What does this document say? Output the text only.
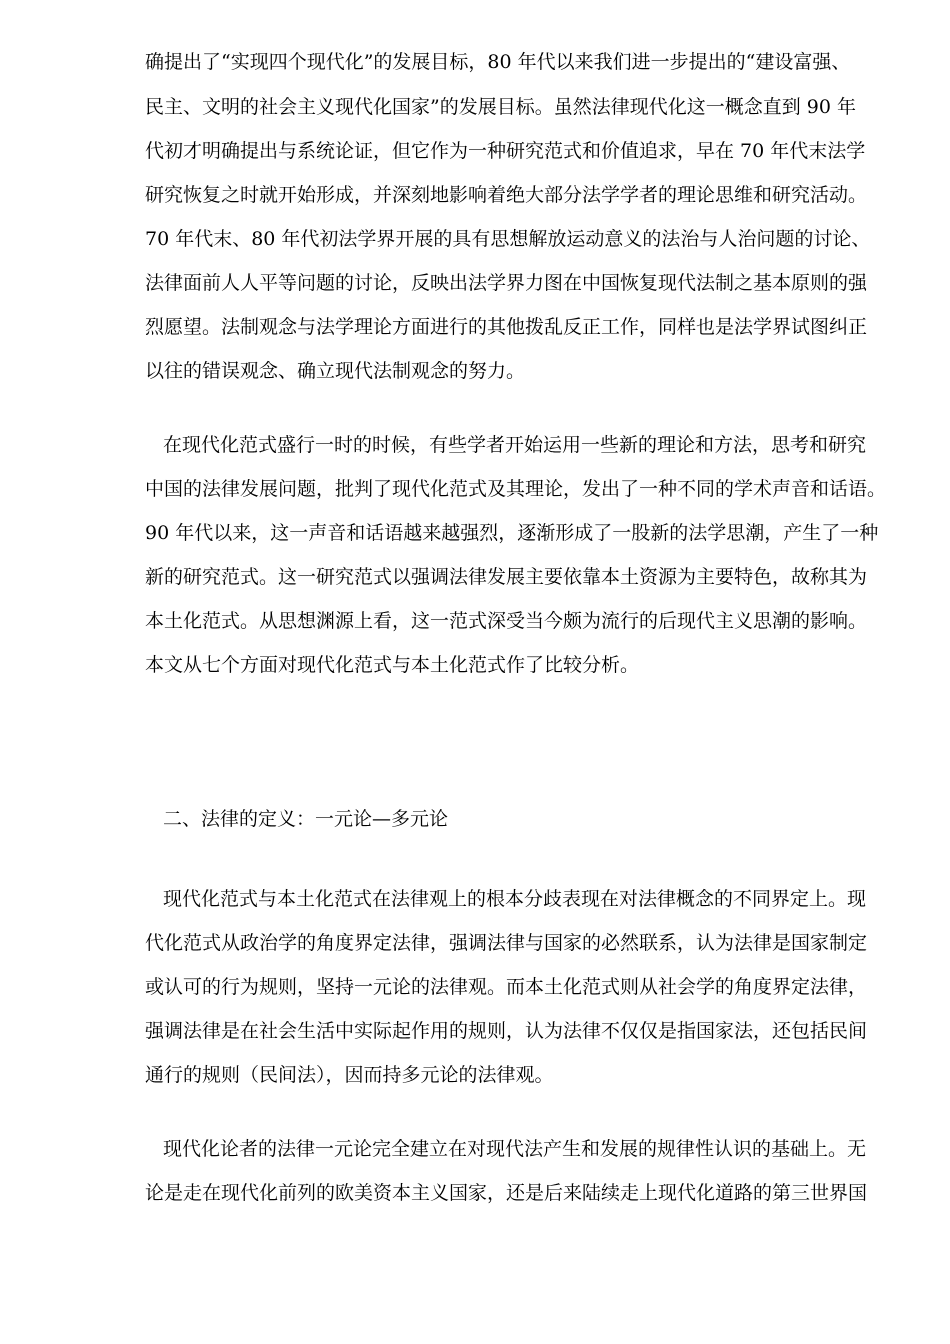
确提出了“实现四个现代化”的发展目标，80 年代以来我们进一步提出的“建设富强、
民主、文明的社会主义现代化国家”的发展目标。虽然法律现代化这一概念直到 90 年
代初才明确提出与系统论证，但它作为一种研究范式和价值追求，早在 70 年代末法学
研究恢复之时就开始形成，并深刻地影响着绝大部分法学学者的理论思维和研究活动。
70 年代末、80 年代初法学界开展的具有思想解放运动意义的法治与人治问题的讨论、
法律面前人人平等问题的讨论，反映出法学界力图在中国恢复现代法制之基本原则的强
烈愿望。法制观念与法学理论方面进行的其他拨乱反正工作，同样也是法学界试图纠正
以往的错误观念、确立现代法制观念的努力。
在现代化范式盛行一时的时候，有些学者开始运用一些新的理论和方法，思考和研究
中国的法律发展问题，批判了现代化范式及其理论，发出了一种不同的学术声音和话语。
90 年代以来，这一声音和话语越来越强烈，逐渐形成了一股新的法学思潮，产生了一种
新的研究范式。这一研究范式以强调法律发展主要依靠本土资源为主要特色，故称其为
本土化范式。从思想渊源上看，这一范式深受当今颇为流行的后现代主义思潮的影响。
本文从七个方面对现代化范式与本土化范式作了比较分析。
二、法律的定义：一元论—多元论
现代化范式与本土化范式在法律观上的根本分歧表现在对法律概念的不同界定上。现
代化范式从政治学的角度界定法律，强调法律与国家的必然联系，认为法律是国家制定
或认可的行为规则，坚持一元论的法律观。而本土化范式则从社会学的角度界定法律，
强调法律是在社会生活中实际起作用的规则，认为法律不仅仅是指国家法，还包括民间
通行的规则（民间法），因而持多元论的法律观。
现代化论者的法律一元论完全建立在对现代法产生和发展的规律性认识的基础上。无
论是走在现代化前列的欧美资本主义国家，还是后来陆续走上现代化道路的第三世界国
